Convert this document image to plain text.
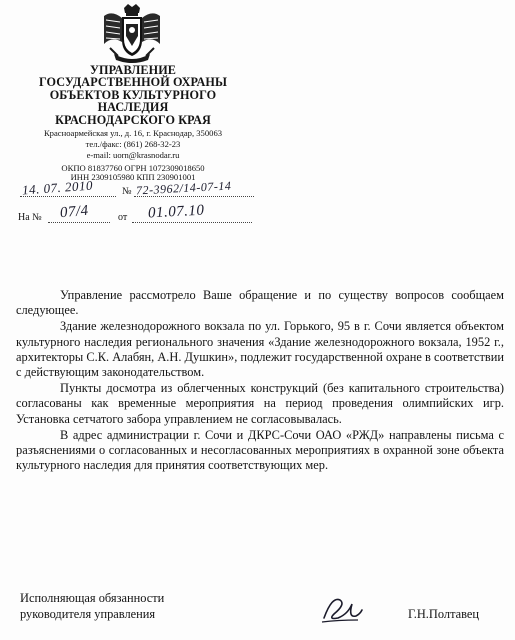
УПРАВЛЕНИЕ
ГОСУДАРСТВЕННОЙ ОХРАНЫ
ОБЪЕКТОВ КУЛЬТУРНОГО
НАСЛЕДИЯ
КРАСНОДАРСКОГО КРАЯ
Красноармейская ул., д. 16, г. Краснодар, 350063
тел./факс: (861) 268-32-23
e-mail: uorn@krasnodar.ru
ОКПО 81837760 ОГРН 1072309018650
ИНН 2309105980 КПП 230901001
14. 07. 2010	№ 72-3962/14-07-14
На № 07/4	от 01.07.10

Управление рассмотрело Ваше обращение и по существу вопросов сообщаем следующее.

Здание железнодорожного вокзала по ул. Горького, 95 в г. Сочи является объектом культурного наследия регионального значения «Здание железнодорожного вокзала, 1952 г., архитекторы С.К. Алабян, А.Н. Душкин», подлежит государственной охране в соответствии с действующим законодательством.

Пункты досмотра из облегченных конструкций (без капитального строительства) согласованы как временные мероприятия на период проведения олимпийских игр. Установка сетчатого забора управлением не согласовывалась.

В адрес администрации г. Сочи и ДКРС-Сочи ОАО «РЖД» направлены письма с разъяснениями о согласованных и несогласованных мероприятиях в охранной зоне объекта культурного наследия для принятия соответствующих мер.

Исполняющая обязанности
руководителя управления	Г.Н.Полтавец
